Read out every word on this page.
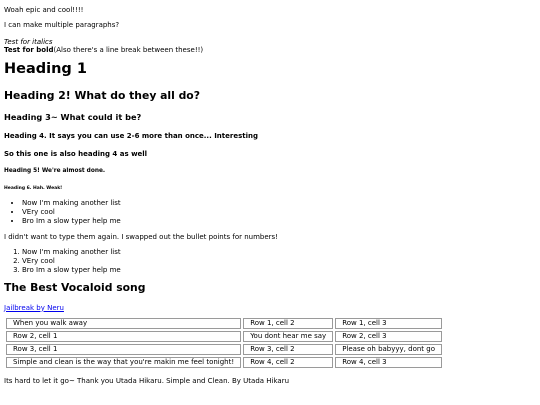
Woah epic and cool!!!!

I can make multiple paragraphs?

Test for italics
Test for bold(Also there's a line break between these!!)

Heading 1
Heading 2! What do they all do?
Heading 3~ What could it be?
Heading 4. It says you can use 2-6 more than once... Interesting
So this one is also heading 4 as well
Heading 5! We're almost done.
Heading 6. Hah. Weak!
• Now I'm making another list
• VEry cool
• Bro Im a slow typer help me

I didn't want to type them again. I swapped out the bullet points for numbers!

1. Now I'm making another list
2. VEry cool
3. Bro Im a slow typer help me
The Best Vocaloid song

Jailbreak by Neru

When you walk away	Row 1, cell 2	Row 1, cell 3
Row 2, cell 1	You dont hear me say	Row 2, cell 3
Row 3, cell 1	Row 3, cell 2	Please oh babyyy, dont go
Simple and clean is the way that you're makin me feel tonight!	Row 4, cell 2	Row 4, cell 3

Its hard to let it go~ Thank you Utada Hikaru. Simple and Clean. By Utada Hikaru
